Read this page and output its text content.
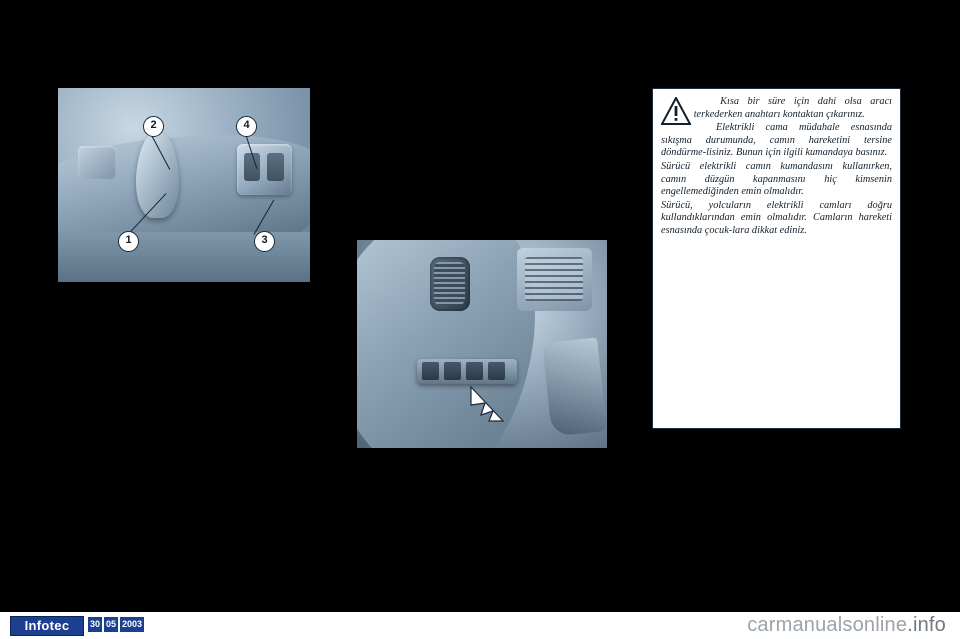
2	4
1	3

Kısa bir süre için dahi olsa aracı terkederken anahtarı kontaktan çıkarınız.

Elektrikli cama müdahale esnasında sıkışma durumunda, camın hareketini tersine döndürme-lisiniz. Bunun için ilgili kumandaya basınız.

Sürücü elektrikli camın kumandasını kullanırken, camın düzgün kapanmasını hiç kimsenin engellemediğinden emin olmalıdır.

Sürücü, yolcuların elektrikli camları doğru kullandıklarından emin olmalıdır. Camların hareketi esnasında çocuk-lara dikkat ediniz.

Infotec	30 05 2003	carmanualsonline.info
